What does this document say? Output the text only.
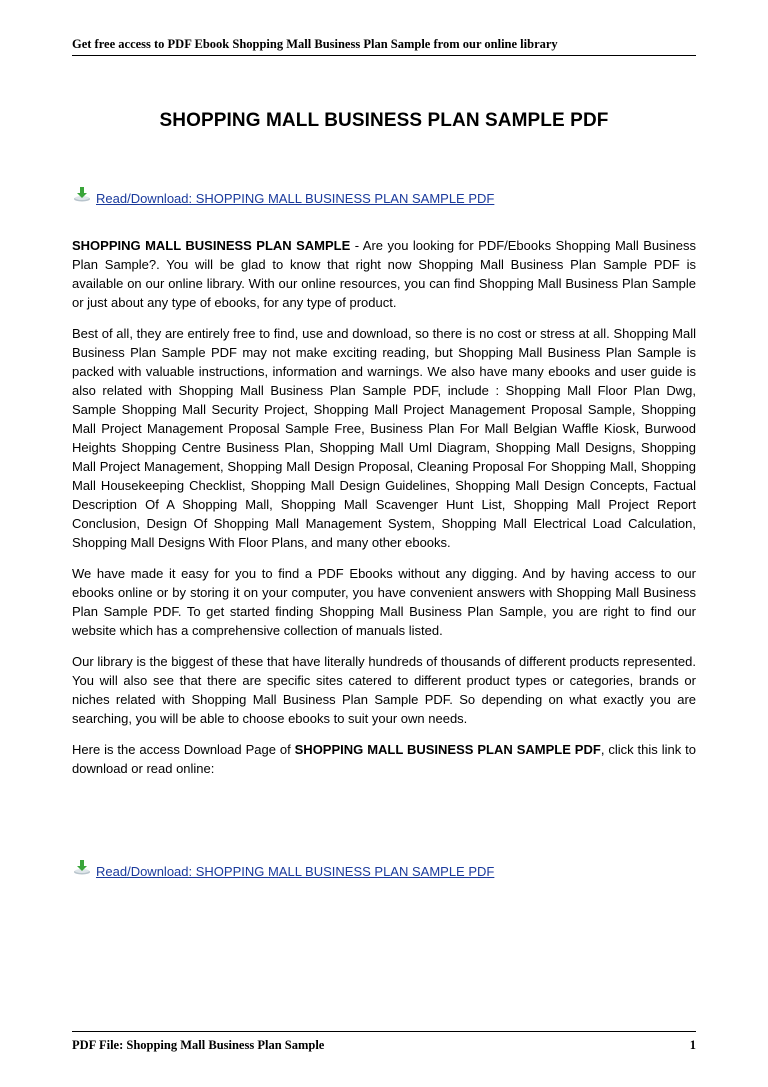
Get free access to PDF Ebook Shopping Mall Business Plan Sample from our online library
SHOPPING MALL BUSINESS PLAN SAMPLE PDF
Read/Download: SHOPPING MALL BUSINESS PLAN SAMPLE PDF

SHOPPING MALL BUSINESS PLAN SAMPLE - Are you looking for PDF/Ebooks Shopping Mall Business Plan Sample?. You will be glad to know that right now Shopping Mall Business Plan Sample PDF is available on our online library. With our online resources, you can find Shopping Mall Business Plan Sample or just about any type of ebooks, for any type of product.

Best of all, they are entirely free to find, use and download, so there is no cost or stress at all. Shopping Mall Business Plan Sample PDF may not make exciting reading, but Shopping Mall Business Plan Sample is packed with valuable instructions, information and warnings. We also have many ebooks and user guide is also related with Shopping Mall Business Plan Sample PDF, include : Shopping Mall Floor Plan Dwg, Sample Shopping Mall Security Project, Shopping Mall Project Management Proposal Sample, Shopping Mall Project Management Proposal Sample Free, Business Plan For Mall Belgian Waffle Kiosk, Burwood Heights Shopping Centre Business Plan, Shopping Mall Uml Diagram, Shopping Mall Designs, Shopping Mall Project Management, Shopping Mall Design Proposal, Cleaning Proposal For Shopping Mall, Shopping Mall Housekeeping Checklist, Shopping Mall Design Guidelines, Shopping Mall Design Concepts, Factual Description Of A Shopping Mall, Shopping Mall Scavenger Hunt List, Shopping Mall Project Report Conclusion, Design Of Shopping Mall Management System, Shopping Mall Electrical Load Calculation, Shopping Mall Designs With Floor Plans, and many other ebooks.

We have made it easy for you to find a PDF Ebooks without any digging. And by having access to our ebooks online or by storing it on your computer, you have convenient answers with Shopping Mall Business Plan Sample PDF. To get started finding Shopping Mall Business Plan Sample, you are right to find our website which has a comprehensive collection of manuals listed.

Our library is the biggest of these that have literally hundreds of thousands of different products represented. You will also see that there are specific sites catered to different product types or categories, brands or niches related with Shopping Mall Business Plan Sample PDF. So depending on what exactly you are searching, you will be able to choose ebooks to suit your own needs.

Here is the access Download Page of SHOPPING MALL BUSINESS PLAN SAMPLE PDF, click this link to download or read online:

Read/Download: SHOPPING MALL BUSINESS PLAN SAMPLE PDF
PDF File: Shopping Mall Business Plan Sample	1
